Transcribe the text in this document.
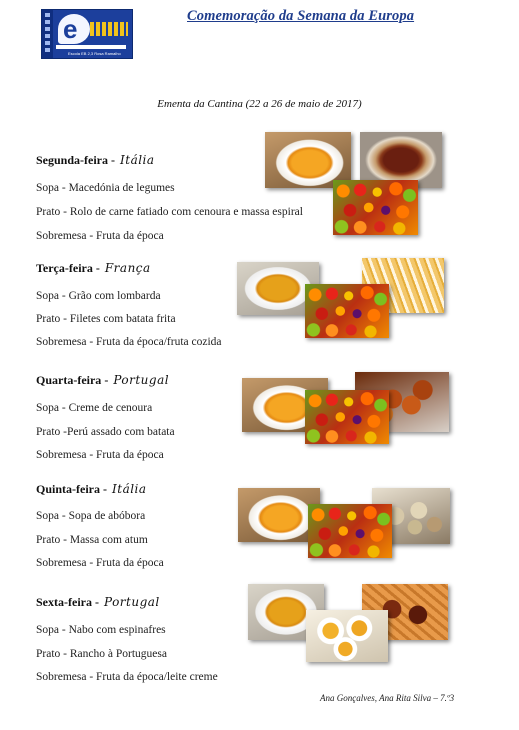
e
Escola EB 2,3 Rosa Ramalho
Comemoração da Semana da Europa
Ementa da Cantina (22 a 26 de maio de 2017)
Segunda-feira - Itália
Sopa - Macedónia de legumes
Prato - Rolo de carne fatiado com cenoura e massa espiral
Sobremesa - Fruta da época
Terça-feira - França
Sopa - Grão com lombarda
Prato - Filetes com batata frita
Sobremesa - Fruta da época/fruta cozida
Quarta-feira - Portugal
Sopa - Creme de cenoura
Prato -Perú assado com batata
Sobremesa - Fruta da época
Quinta-feira - Itália
Sopa - Sopa de abóbora
Prato - Massa com atum
Sobremesa - Fruta da época
Sexta-feira - Portugal
Sopa - Nabo com espinafres
Prato - Rancho à Portuguesa
Sobremesa - Fruta da época/leite creme
Ana Gonçalves, Ana Rita Silva – 7.º3
